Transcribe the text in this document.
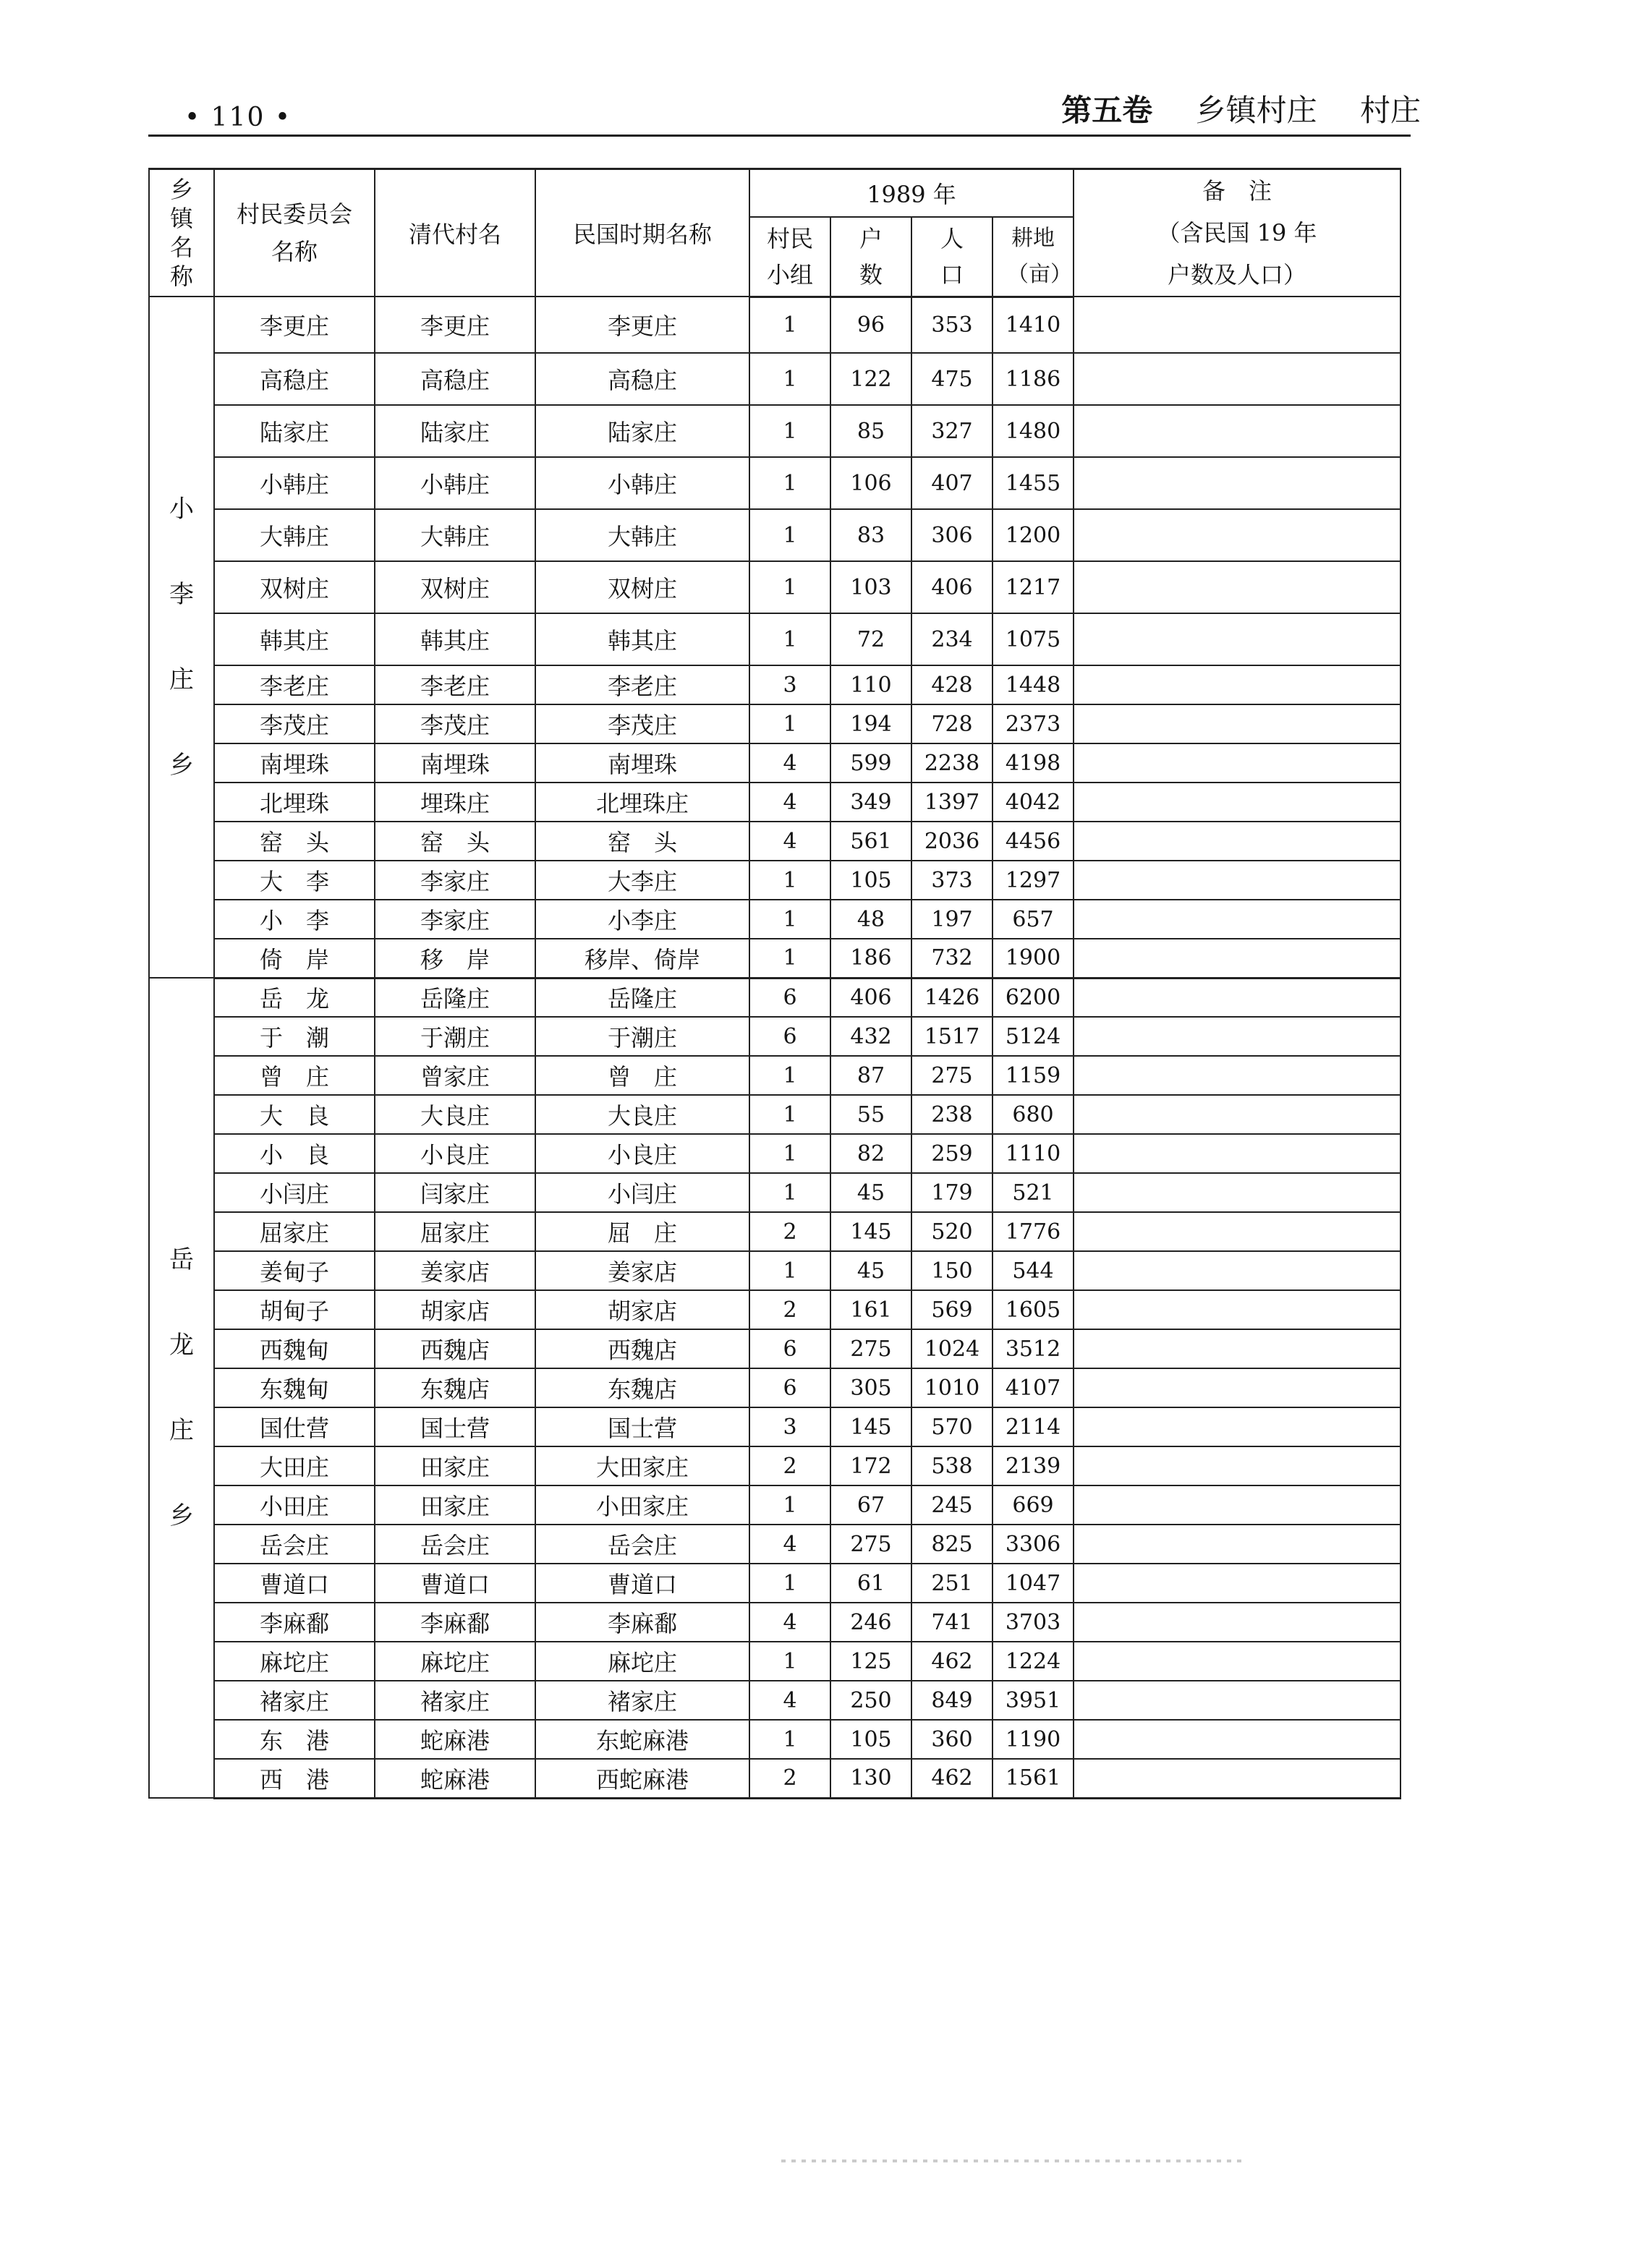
• 110 •	第五卷 乡镇村庄 村庄
乡镇名称	村民委员会名称	清代村名	民国时期名称	1989 年				备　注
（含民国 19 年
户数及人口）

				村民小组	户数	人口	耕地（亩）	

小李庄乡	李更庄	李更庄	李更庄	1	96	353	1410	
	高稳庄	高稳庄	高稳庄	1	122	475	1186	
	陆家庄	陆家庄	陆家庄	1	85	327	1480	
	小韩庄	小韩庄	小韩庄	1	106	407	1455	
	大韩庄	大韩庄	大韩庄	1	83	306	1200	
	双树庄	双树庄	双树庄	1	103	406	1217	
	韩其庄	韩其庄	韩其庄	1	72	234	1075	
	李老庄	李老庄	李老庄	3	110	428	1448	
	李茂庄	李茂庄	李茂庄	1	194	728	2373	
	南埋珠	南埋珠	南埋珠	4	599	2238	4198	
	北埋珠	埋珠庄	北埋珠庄	4	349	1397	4042	
	窑　头	窑　头	窑　头	4	561	2036	4456	
	大　李	李家庄	大李庄	1	105	373	1297	
	小　李	李家庄	小李庄	1	48	197	657	
	倚　岸	移　岸	移岸、倚岸	1	186	732	1900	

岳龙庄乡	岳　龙	岳隆庄	岳隆庄	6	406	1426	6200	
	于　潮	于潮庄	于潮庄	6	432	1517	5124	
	曾　庄	曾家庄	曾　庄	1	87	275	1159	
	大　良	大良庄	大良庄	1	55	238	680	
	小　良	小良庄	小良庄	1	82	259	1110	
	小闫庄	闫家庄	小闫庄	1	45	179	521	
	屈家庄	屈家庄	屈　庄	2	145	520	1776	
	姜甸子	姜家店	姜家店	1	45	150	544	
	胡甸子	胡家店	胡家店	2	161	569	1605	
	西魏甸	西魏店	西魏店	6	275	1024	3512	
	东魏甸	东魏店	东魏店	6	305	1010	4107	
	国仕营	国士营	国士营	3	145	570	2114	
	大田庄	田家庄	大田家庄	2	172	538	2139	
	小田庄	田家庄	小田家庄	1	67	245	669	
	岳会庄	岳会庄	岳会庄	4	275	825	3306	
	曹道口	曹道口	曹道口	1	61	251	1047	
	李麻鄱	李麻鄱	李麻鄱	4	246	741	3703	
	麻坨庄	麻坨庄	麻坨庄	1	125	462	1224	
	褚家庄	褚家庄	褚家庄	4	250	849	3951	
	东　港	蛇麻港	东蛇麻港	1	105	360	1190	
	西　港	蛇麻港	西蛇麻港	2	130	462	1561	
